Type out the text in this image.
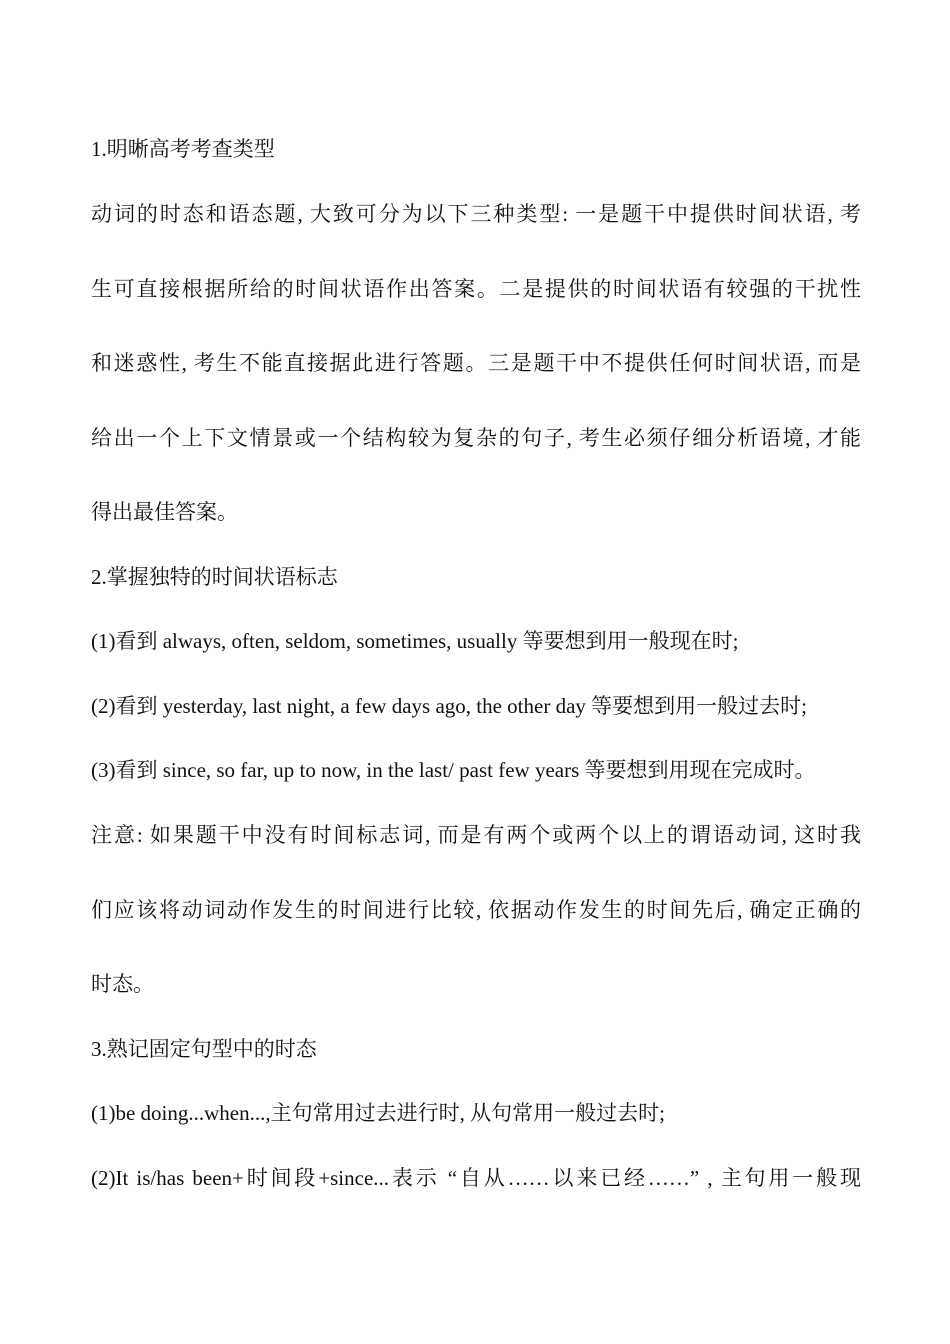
1.明晰高考考查类型
动词的时态和语态题, 大致可分为以下三种类型: 一是题干中提供时间状语, 考
生可直接根据所给的时间状语作出答案。二是提供的时间状语有较强的干扰性
和迷惑性, 考生不能直接据此进行答题。三是题干中不提供任何时间状语, 而是
给出一个上下文情景或一个结构较为复杂的句子, 考生必须仔细分析语境, 才能
得出最佳答案。
2.掌握独特的时间状语标志
(1)看到 always, often, seldom, sometimes, usually 等要想到用一般现在时;
(2)看到 yesterday, last night, a few days ago, the other day 等要想到用一般过去时;
(3)看到 since, so far, up to now, in the last/ past few years 等要想到用现在完成时。
注意: 如果题干中没有时间标志词, 而是有两个或两个以上的谓语动词, 这时我
们应该将动词动作发生的时间进行比较, 依据动作发生的时间先后, 确定正确的
时态。
3.熟记固定句型中的时态
(1)be doing...when...,主句常用过去进行时, 从句常用一般过去时;
(2)It is/has been+时间段+since...表示 “自从……以来已经……” , 主句用一般现
